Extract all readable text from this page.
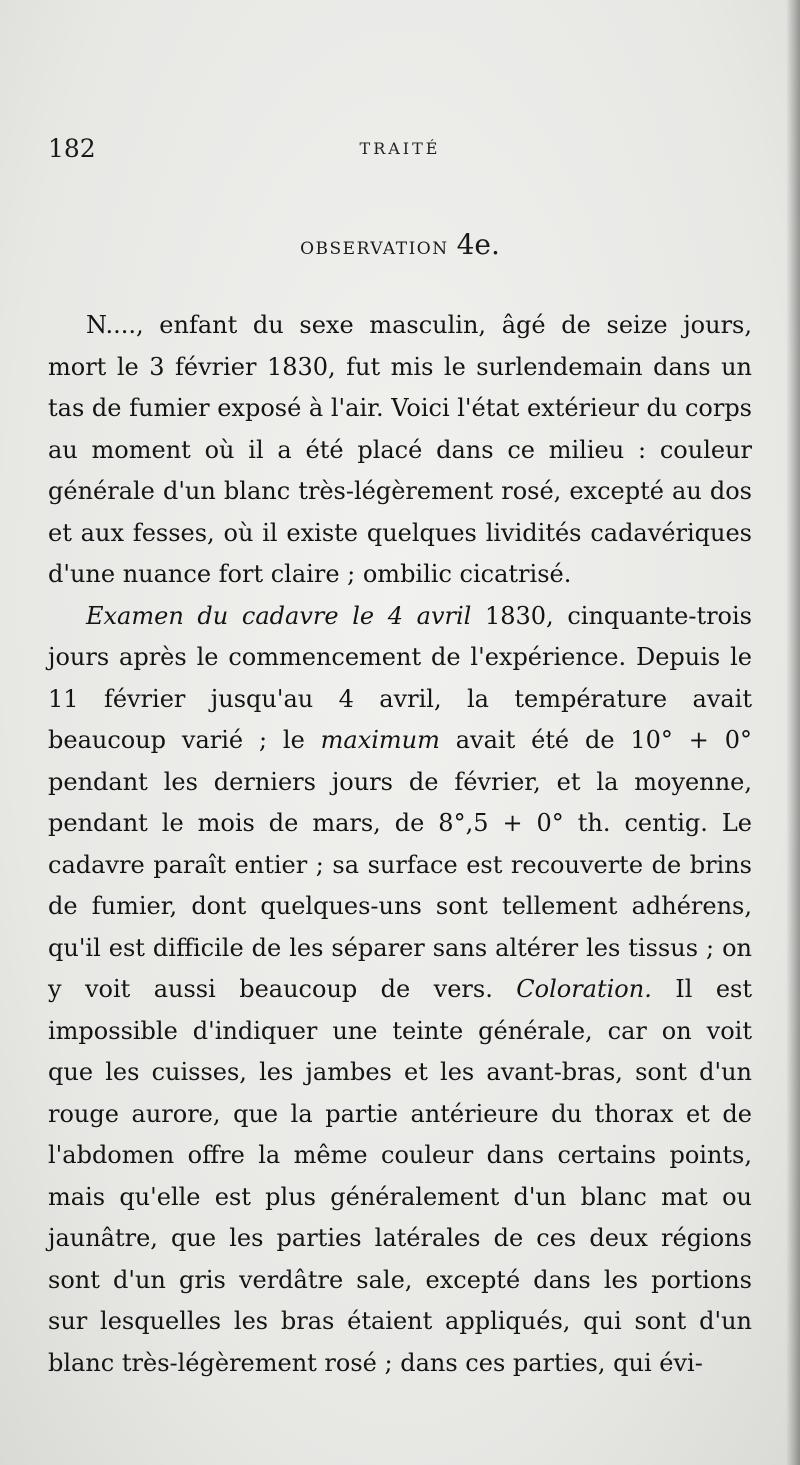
182	TRAITÉ
OBSERVATION 4e.

N...., enfant du sexe masculin, âgé de seize jours, mort le 3 février 1830, fut mis le surlendemain dans un tas de fumier exposé à l'air. Voici l'état extérieur du corps au moment où il a été placé dans ce milieu : couleur générale d'un blanc très-légèrement rosé, excepté au dos et aux fesses, où il existe quelques lividités cadavériques d'une nuance fort claire ; ombilic cicatrisé.

Examen du cadavre le 4 avril 1830, cinquante-trois jours après le commencement de l'expérience. Depuis le 11 février jusqu'au 4 avril, la température avait beaucoup varié ; le maximum avait été de 10° + 0° pendant les derniers jours de février, et la moyenne, pendant le mois de mars, de 8°,5 + 0° th. centig. Le cadavre paraît entier ; sa surface est recouverte de brins de fumier, dont quelques-uns sont tellement adhérens, qu'il est difficile de les séparer sans altérer les tissus ; on y voit aussi beaucoup de vers. Coloration. Il est impossible d'indiquer une teinte générale, car on voit que les cuisses, les jambes et les avant-bras, sont d'un rouge aurore, que la partie antérieure du thorax et de l'abdomen offre la même couleur dans certains points, mais qu'elle est plus généralement d'un blanc mat ou jaunâtre, que les parties latérales de ces deux régions sont d'un gris verdâtre sale, excepté dans les portions sur lesquelles les bras étaient appliqués, qui sont d'un blanc très-légèrement rosé ; dans ces parties, qui évi-
